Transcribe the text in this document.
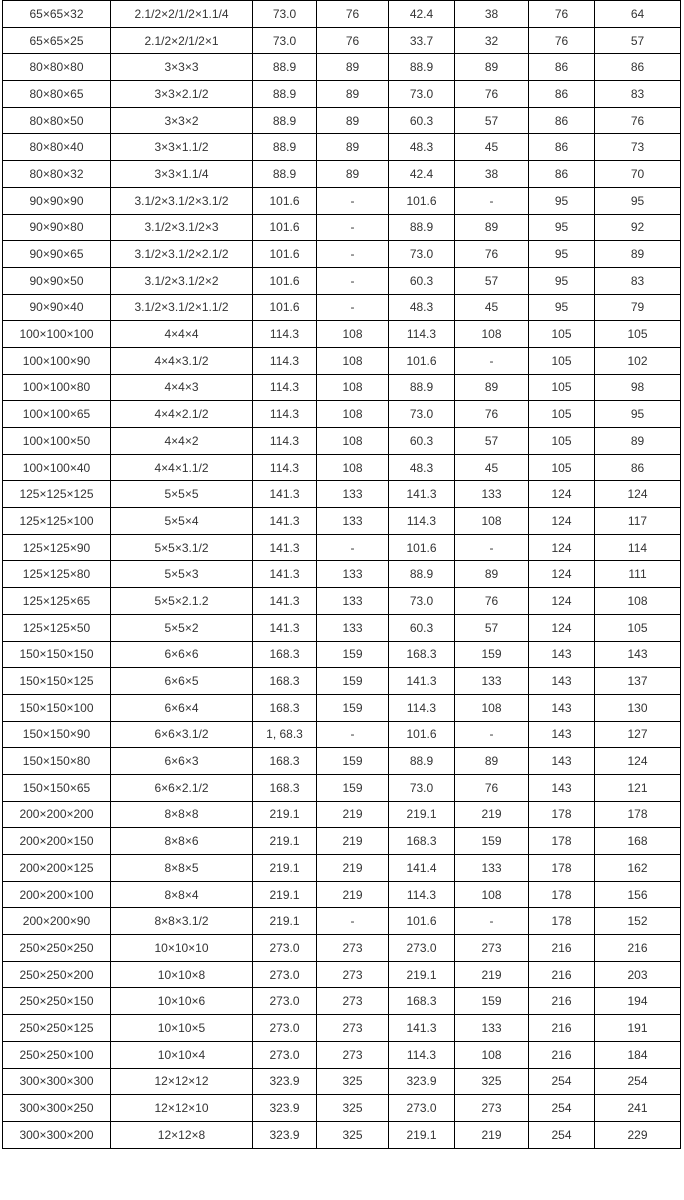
65×65×32	2.1/2×2/1/2×1.1/4	73.0	76	42.4	38	76	64
65×65×25	2.1/2×2/1/2×1	73.0	76	33.7	32	76	57
80×80×80	3×3×3	88.9	89	88.9	89	86	86
80×80×65	3×3×2.1/2	88.9	89	73.0	76	86	83
80×80×50	3×3×2	88.9	89	60.3	57	86	76
80×80×40	3×3×1.1/2	88.9	89	48.3	45	86	73
80×80×32	3×3×1.1/4	88.9	89	42.4	38	86	70
90×90×90	3.1/2×3.1/2×3.1/2	101.6	-	101.6	-	95	95
90×90×80	3.1/2×3.1/2×3	101.6	-	88.9	89	95	92
90×90×65	3.1/2×3.1/2×2.1/2	101.6	-	73.0	76	95	89
90×90×50	3.1/2×3.1/2×2	101.6	-	60.3	57	95	83
90×90×40	3.1/2×3.1/2×1.1/2	101.6	-	48.3	45	95	79
100×100×100	4×4×4	114.3	108	114.3	108	105	105
100×100×90	4×4×3.1/2	114.3	108	101.6	-	105	102
100×100×80	4×4×3	114.3	108	88.9	89	105	98
100×100×65	4×4×2.1/2	114.3	108	73.0	76	105	95
100×100×50	4×4×2	114.3	108	60.3	57	105	89
100×100×40	4×4×1.1/2	114.3	108	48.3	45	105	86
125×125×125	5×5×5	141.3	133	141.3	133	124	124
125×125×100	5×5×4	141.3	133	114.3	108	124	117
125×125×90	5×5×3.1/2	141.3	-	101.6	-	124	114
125×125×80	5×5×3	141.3	133	88.9	89	124	111
125×125×65	5×5×2.1.2	141.3	133	73.0	76	124	108
125×125×50	5×5×2	141.3	133	60.3	57	124	105
150×150×150	6×6×6	168.3	159	168.3	159	143	143
150×150×125	6×6×5	168.3	159	141.3	133	143	137
150×150×100	6×6×4	168.3	159	114.3	108	143	130
150×150×90	6×6×3.1/2	1, 68.3	-	101.6	-	143	127
150×150×80	6×6×3	168.3	159	88.9	89	143	124
150×150×65	6×6×2.1/2	168.3	159	73.0	76	143	121
200×200×200	8×8×8	219.1	219	219.1	219	178	178
200×200×150	8×8×6	219.1	219	168.3	159	178	168
200×200×125	8×8×5	219.1	219	141.4	133	178	162
200×200×100	8×8×4	219.1	219	114.3	108	178	156
200×200×90	8×8×3.1/2	219.1	-	101.6	-	178	152
250×250×250	10×10×10	273.0	273	273.0	273	216	216
250×250×200	10×10×8	273.0	273	219.1	219	216	203
250×250×150	10×10×6	273.0	273	168.3	159	216	194
250×250×125	10×10×5	273.0	273	141.3	133	216	191
250×250×100	10×10×4	273.0	273	114.3	108	216	184
300×300×300	12×12×12	323.9	325	323.9	325	254	254
300×300×250	12×12×10	323.9	325	273.0	273	254	241
300×300×200	12×12×8	323.9	325	219.1	219	254	229
